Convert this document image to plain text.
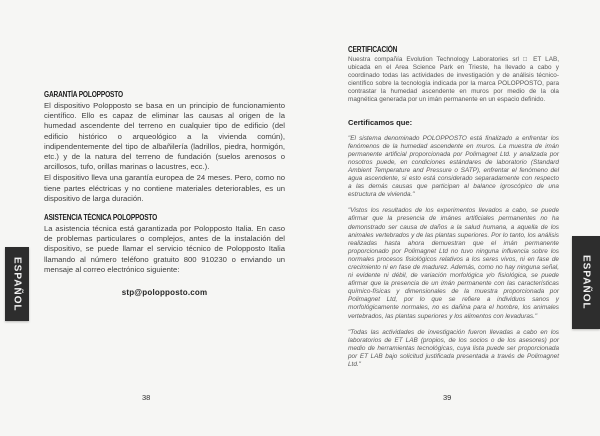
ESPAÑOL	ESPAÑOL
GARANTÍA POLOPPOSTO

El dispositivo Polopposto se basa en un principio de funcionamiento científico. Ello es capaz de eliminar las causas al origen de la humedad ascendente del terreno en cualquier tipo de edificio (del edificio histórico o arqueológico a la vivienda común), indipendentemente del tipo de albañilería (ladrillos, piedra, hormigón, etc.) y de la natura del terreno de fundación (suelos arenosos o arcillosos, tufo, orillas marinas o lacustres, ecc.).

El dispositivo lleva una garantía europea de 24 meses. Pero, como no tiene partes eléctricas y no contiene materiales deteriorables, es un dispositivo de larga duración.

ASISTENCIA TÉCNICA POLOPPOSTO

La asistencia técnica está garantizada por Polopposto Italia. En caso de problemas particulares o complejos, antes de la instalación del dispositivo, se puede llamar el servicio técnico de Polopposto Italia llamando al número teléfono gratuito 800 910230 o enviando un mensaje al correo electrónico siguiente:

stp@polopposto.com
CERTIFICACIÓN

Nuestra compañía Evolution Technology Laboratories srl □ ET LAB, ubicada en el Area Science Park en Trieste, ha llevado a cabo y coordinado todas las actividades de investigación y de análisis técnico-científico sobre la tecnología indicada por la marca POLOPPOSTO, para contrastar la humedad ascendente en muros por medio de la ola magnética generada por un imán permanente en un espacio definido.

Certificamos que:

"El sistema denominado POLOPPOSTO está finalizado a enfrentar los fenómenos de la humedad ascendente en muros. La muestra de imán permanente artificial proporcionada por Polimagnet Ltd. y analizada por nosotros puede, en condiciones estándares de laboratorio (Standard Ambient Temperature and Pressure o SATP), enfrentar el fenómeno del agua ascendente, si esto está considerado separadamente con respecto a las demás causas que participan al balance igroscópico de una estructura de vivienda."

"Vistos los resultados de los experimentos llevados a cabo, se puede afirmar que la presencia de imánes artificiales permanentes no ha demonstrado ser causa de daños a la salud humana, a aquella de los animales vertebrados y de las plantas superiores. Por lo tanto, los análisis realizadas hasta ahora demuestran que el imán permanente proporcionado por Polimagnet Ltd no tuvo ninguna influencia sobre los normales procesos fisiológicos relativos a los seres vivos, ni en fase de crecimiento ni en fase de madurez. Además, como no hay ninguna señal, ni evidente ni débil, de variación morfológica y/o fisiológica, se puede afirmar que la presencia de un imán permanente con las características químico-físicas y dimensionales de la muestra proporcionada por Polimagnet Ltd, por lo que se refiere a individuos sanos y morfológicamente normales, no es dañina para el hombre, los animales vertebrados, las plantas superiores y los alimentos con levaduras."

"Todas las actividades de investigación fueron llevadas a cabo en los laboratorios de ET LAB (propios, de los socios o de los asesores) por medio de herramientas tecnológicas, cuya lista puede ser proporcionada por ET LAB bajo solicitud justificada presentada a través de Polimagnet Ltd."

38	39
